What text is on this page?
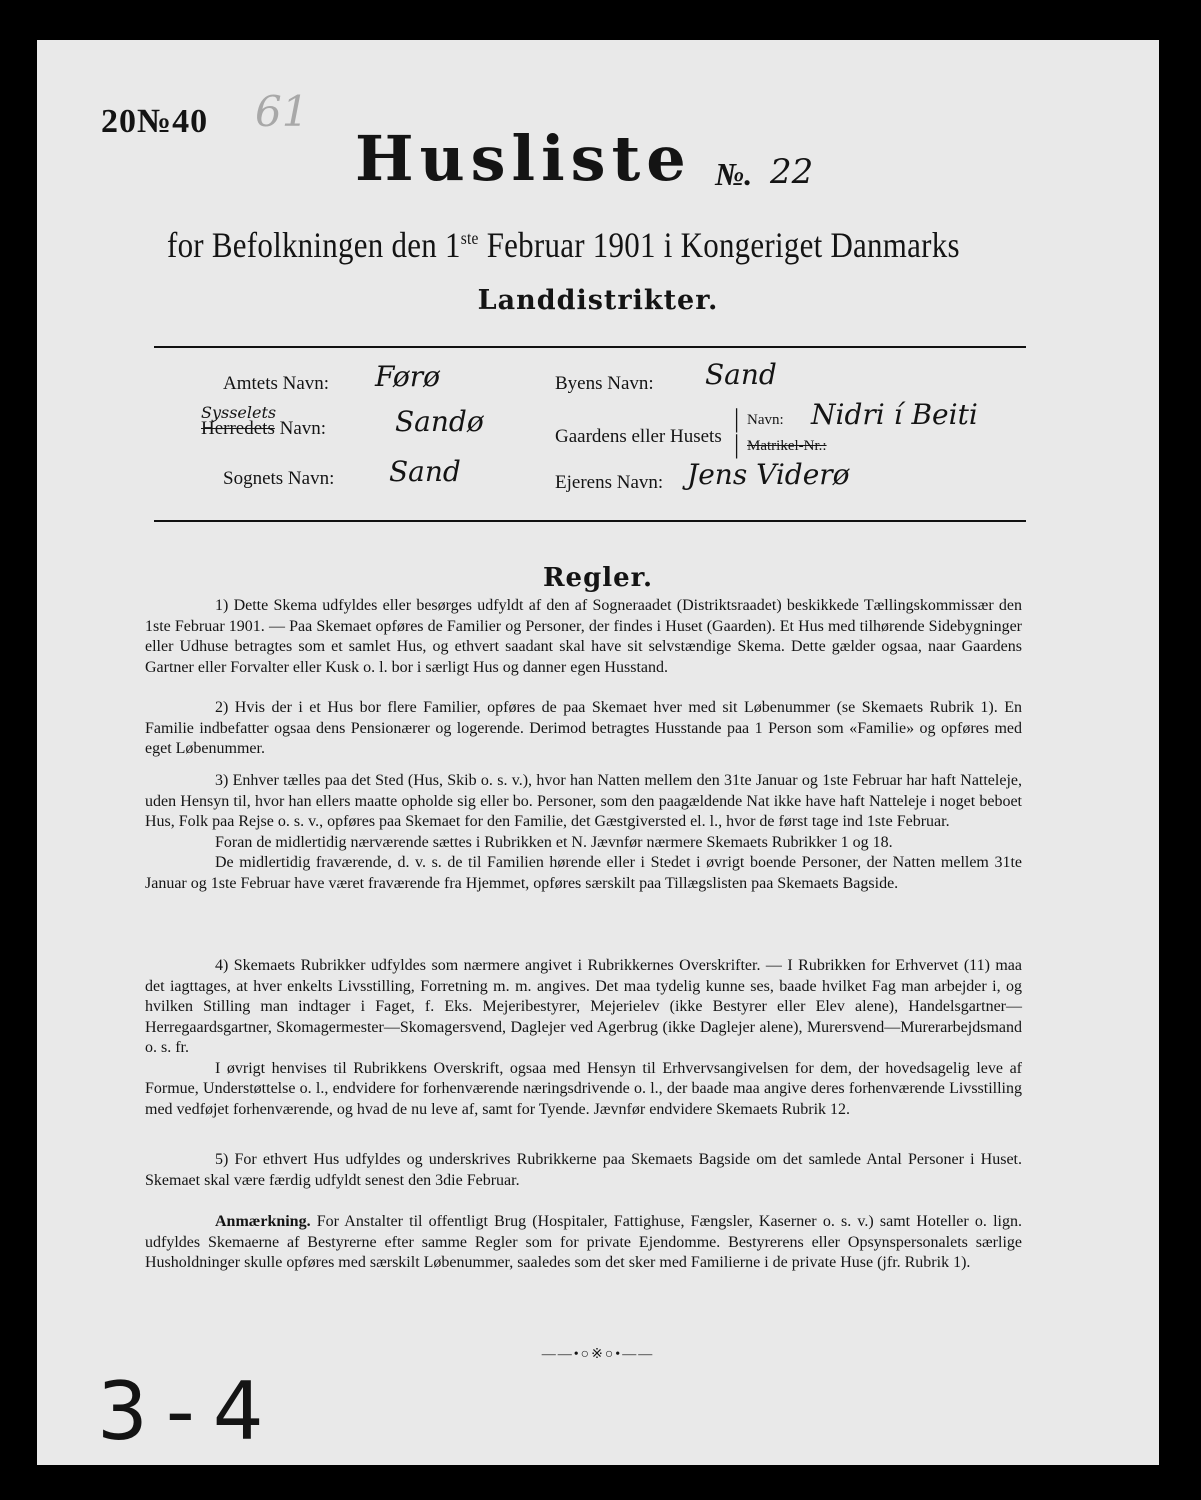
20№40 61
Husliste №. 22
for Befolkningen den 1ste Februar 1901 i Kongeriget Danmarks
Landdistrikter.
Amtets Navn: Førø
Sysselets
Herredets Navn: Sandø
Sognets Navn: Sand
Byens Navn: Sand
Gaardens eller Husets
|
|
Navn: Nidri í Beiti
Matrikel-Nr.:
Ejerens Navn: Jens Viderø
Regler.

1) Dette Skema udfyldes eller besørges udfyldt af den af Sogneraadet (Distriktsraadet) beskikkede Tællingskommissær den 1ste Februar 1901. — Paa Skemaet opføres de Familier og Personer, der findes i Huset (Gaarden). Et Hus med tilhørende Sidebygninger eller Udhuse betragtes som et samlet Hus, og ethvert saadant skal have sit selvstændige Skema. Dette gælder ogsaa, naar Gaardens Gartner eller Forvalter eller Kusk o. l. bor i særligt Hus og danner egen Husstand.

2) Hvis der i et Hus bor flere Familier, opføres de paa Skemaet hver med sit Løbenummer (se Skemaets Rubrik 1). En Familie indbefatter ogsaa dens Pensionærer og logerende. Derimod betragtes Husstande paa 1 Person som «Familie» og opføres med eget Løbenummer.

3) Enhver tælles paa det Sted (Hus, Skib o. s. v.), hvor han Natten mellem den 31te Januar og 1ste Februar har haft Natteleje, uden Hensyn til, hvor han ellers maatte opholde sig eller bo. Personer, som den paagældende Nat ikke have haft Natteleje i noget beboet Hus, Folk paa Rejse o. s. v., opføres paa Skemaet for den Familie, det Gæstgiversted el. l., hvor de først tage ind 1ste Februar.

Foran de midlertidig nærværende sættes i Rubrikken et N. Jævnfør nærmere Skemaets Rubrikker 1 og 18.

De midlertidig fraværende, d. v. s. de til Familien hørende eller i Stedet i øvrigt boende Personer, der Natten mellem 31te Januar og 1ste Februar have været fraværende fra Hjemmet, opføres særskilt paa Tillægslisten paa Skemaets Bagside.

4) Skemaets Rubrikker udfyldes som nærmere angivet i Rubrikkernes Overskrifter. — I Rubrikken for Erhvervet (11) maa det iagttages, at hver enkelts Livsstilling, Forretning m. m. angives. Det maa tydelig kunne ses, baade hvilket Fag man arbejder i, og hvilken Stilling man indtager i Faget, f. Eks. Mejeribestyrer, Mejerielev (ikke Bestyrer eller Elev alene), Handelsgartner—Herregaardsgartner, Skomagermester—Skomagersvend, Daglejer ved Agerbrug (ikke Daglejer alene), Murersvend—Murerarbejdsmand o. s. fr.

I øvrigt henvises til Rubrikkens Overskrift, ogsaa med Hensyn til Erhvervsangivelsen for dem, der hovedsagelig leve af Formue, Understøttelse o. l., endvidere for forhenværende næringsdrivende o. l., der baade maa angive deres forhenværende Livsstilling med vedføjet forhenværende, og hvad de nu leve af, samt for Tyende. Jævnfør endvidere Skemaets Rubrik 12.

5) For ethvert Hus udfyldes og underskrives Rubrikkerne paa Skemaets Bagside om det samlede Antal Personer i Huset. Skemaet skal være færdig udfyldt senest den 3die Februar.

Anmærkning. For Anstalter til offentligt Brug (Hospitaler, Fattighuse, Fængsler, Kaserner o. s. v.) samt Hoteller o. lign. udfyldes Skemaerne af Bestyrerne efter samme Regler som for private Ejendomme. Bestyrerens eller Opsynspersonalets særlige Husholdninger skulle opføres med særskilt Løbenummer, saaledes som det sker med Familierne i de private Huse (jfr. Rubrik 1).

——•○※○•——
3-4
